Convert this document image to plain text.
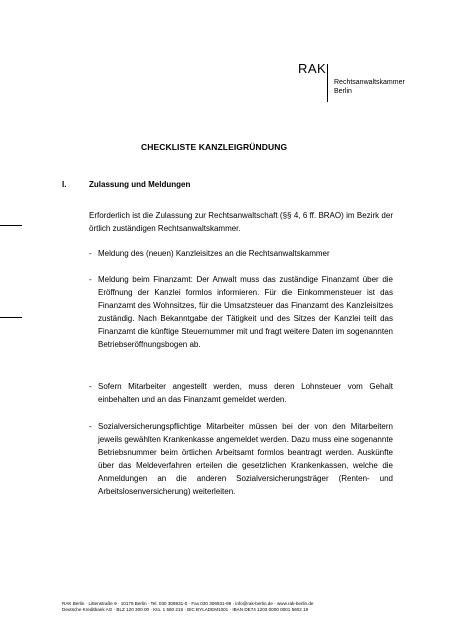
RAK
Rechtsanwaltskammer
Berlin
CHECKLISTE KANZLEIGRÜNDUNG
I.	Zulassung und Meldungen
Erforderlich ist die Zulassung zur Rechtsanwaltschaft (§§ 4, 6 ff. BRAO) im Bezirk der örtlich zuständigen Rechtsanwaltskammer.
- Meldung des (neuen) Kanzleisitzes an die Rechtsanwaltskammer
- Meldung beim Finanzamt: Der Anwalt muss das zuständige Finanzamt über die Eröffnung der Kanzlei formlos informieren. Für die Einkommensteuer ist das Finanzamt des Wohnsitzes, für die Umsatzsteuer das Finanzamt des Kanzleisitzes zuständig. Nach Bekanntgabe der Tätigkeit und des Sitzes der Kanzlei teilt das Finanzamt die künftige Steuernummer mit und fragt weitere Daten im sogenannten Betriebseröffnungsbogen ab.
- Sofern Mitarbeiter angestellt werden, muss deren Lohnsteuer vom Gehalt einbehalten und an das Finanzamt gemeldet werden.
- Sozialversicherungspflichtige Mitarbeiter müssen bei der von den Mitarbeitern jeweils gewählten Krankenkasse angemeldet werden. Dazu muss eine sogenannte Betriebsnummer beim örtlichen Arbeitsamt formlos beantragt werden. Auskünfte über das Meldeverfahren erteilen die gesetzlichen Krankenkassen, welche die Anmeldungen an die anderen Sozialversicherungsträger (Renten- und Arbeitslosenversicherung) weiterleiten.
RAK Berlin · Littenstraße 9 · 10179 Berlin · Tel. 030 306931-0 · Fax 030 306931-99 · info@rak-berlin.de · www.rak-berlin.de
Deutsche Kreditbank AG · BLZ 120 300 00 · Kto. 1 560 219 · BIC BYLADEM1001 · IBAN DE74 1203 0000 0001 5602 19
